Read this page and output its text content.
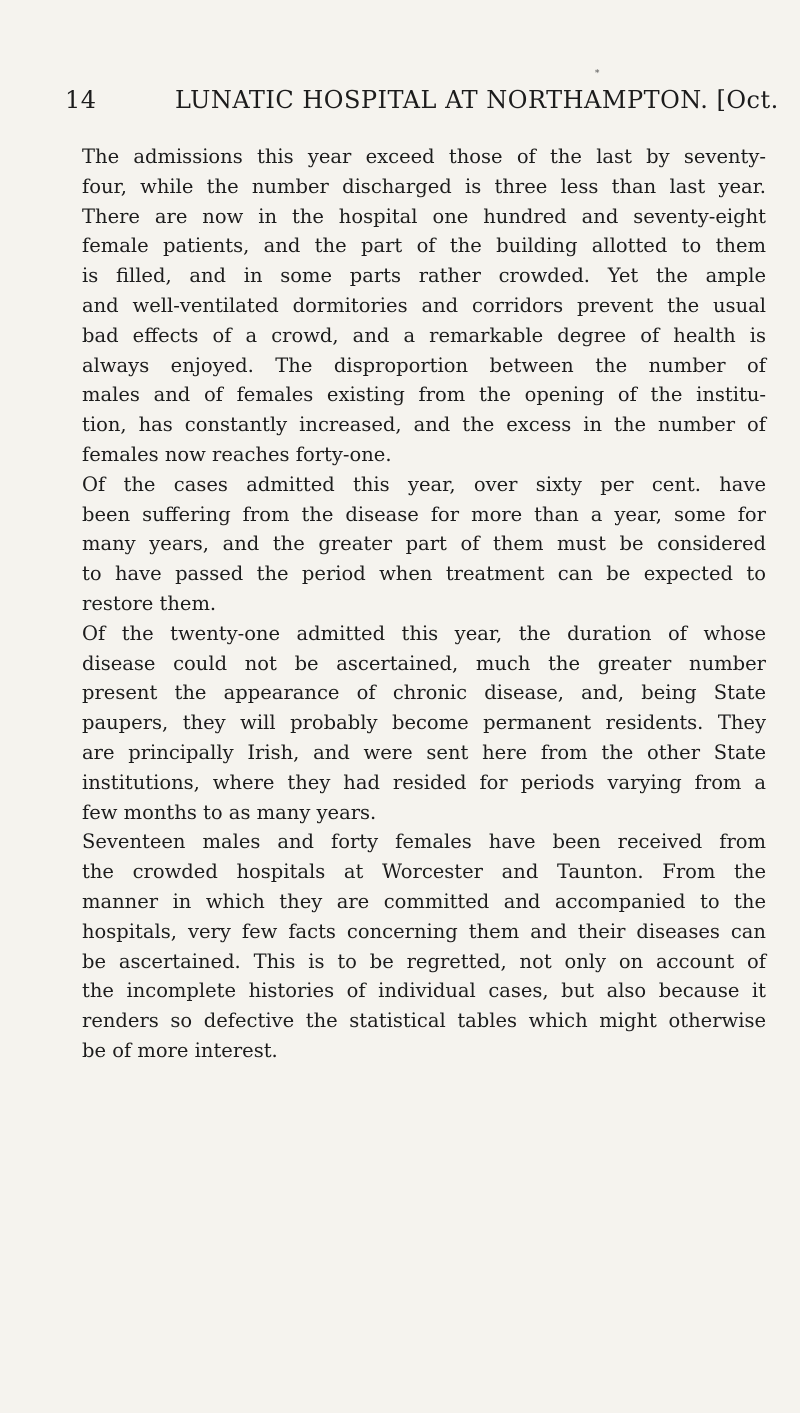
∗
14	LUNATIC HOSPITAL AT NORTHAMPTON. [Oct.
The admissions this year exceed those of the last by seventy-
four, while the number discharged is three less than last year.
There are now in the hospital one hundred and seventy-eight
female patients, and the part of the building allotted to them
is filled, and in some parts rather crowded. Yet the ample
and well-ventilated dormitories and corridors prevent the usual
bad effects of a crowd, and a remarkable degree of health is
always enjoyed. The disproportion between the number of
males and of females existing from the opening of the institu-
tion, has constantly increased, and the excess in the number of
females now reaches forty-one.
Of the cases admitted this year, over sixty per cent. have
been suffering from the disease for more than a year, some for
many years, and the greater part of them must be considered
to have passed the period when treatment can be expected to
restore them.
Of the twenty-one admitted this year, the duration of whose
disease could not be ascertained, much the greater number
present the appearance of chronic disease, and, being State
paupers, they will probably become permanent residents. They
are principally Irish, and were sent here from the other State
institutions, where they had resided for periods varying from a
few months to as many years.
Seventeen males and forty females have been received from
the crowded hospitals at Worcester and Taunton. From the
manner in which they are committed and accompanied to the
hospitals, very few facts concerning them and their diseases can
be ascertained. This is to be regretted, not only on account of
the incomplete histories of individual cases, but also because it
renders so defective the statistical tables which might otherwise
be of more interest.
